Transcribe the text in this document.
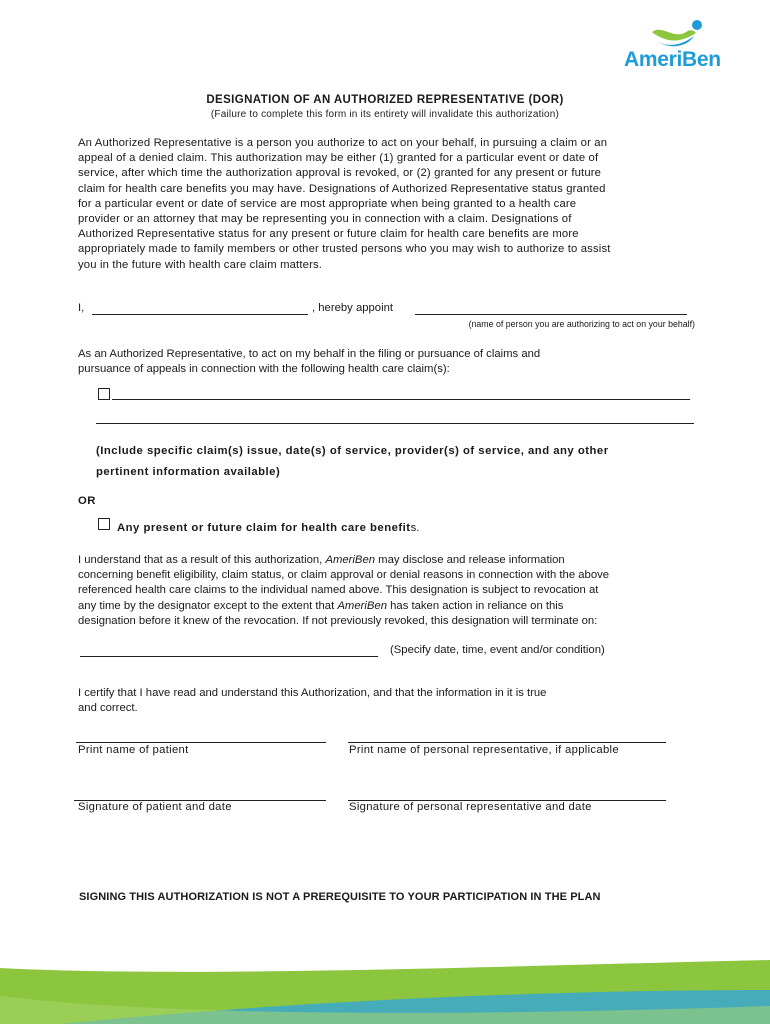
AmeriBen
DESIGNATION OF AN AUTHORIZED REPRESENTATIVE (DOR)
(Failure to complete this form in its entirety will invalidate this authorization)
An Authorized Representative is a person you authorize to act on your behalf, in pursuing a claim or an
appeal of a denied claim. This authorization may be either (1) granted for a particular event or date of
service, after which time the authorization approval is revoked, or (2) granted for any present or future
claim for health care benefits you may have. Designations of Authorized Representative status granted
for a particular event or date of service are most appropriate when being granted to a health care
provider or an attorney that may be representing you in connection with a claim. Designations of
Authorized Representative status for any present or future claim for health care benefits are more
appropriately made to family members or other trusted persons who you may wish to authorize to assist
you in the future with health care claim matters.
I,	, hereby appoint
(name of person you are authorizing to act on your behalf)
As an Authorized Representative, to act on my behalf in the filing or pursuance of claims and
pursuance of appeals in connection with the following health care claim(s):
(Include specific claim(s) issue, date(s) of service, provider(s) of service, and any other
pertinent information available)
OR
Any present or future claim for health care benefits.
I understand that as a result of this authorization, AmeriBen may disclose and release information
concerning benefit eligibility, claim status, or claim approval or denial reasons in connection with the above
referenced health care claims to the individual named above. This designation is subject to revocation at
any time by the designator except to the extent that AmeriBen has taken action in reliance on this
designation before it knew of the revocation. If not previously revoked, this designation will terminate on:
(Specify date, time, event and/or condition)
I certify that I have read and understand this Authorization, and that the information in it is true
and correct.
Print name of patient	Print name of personal representative, if applicable
Signature of patient and date	Signature of personal representative and date
SIGNING THIS AUTHORIZATION IS NOT A PREREQUISITE TO YOUR PARTICIPATION IN THE PLAN
